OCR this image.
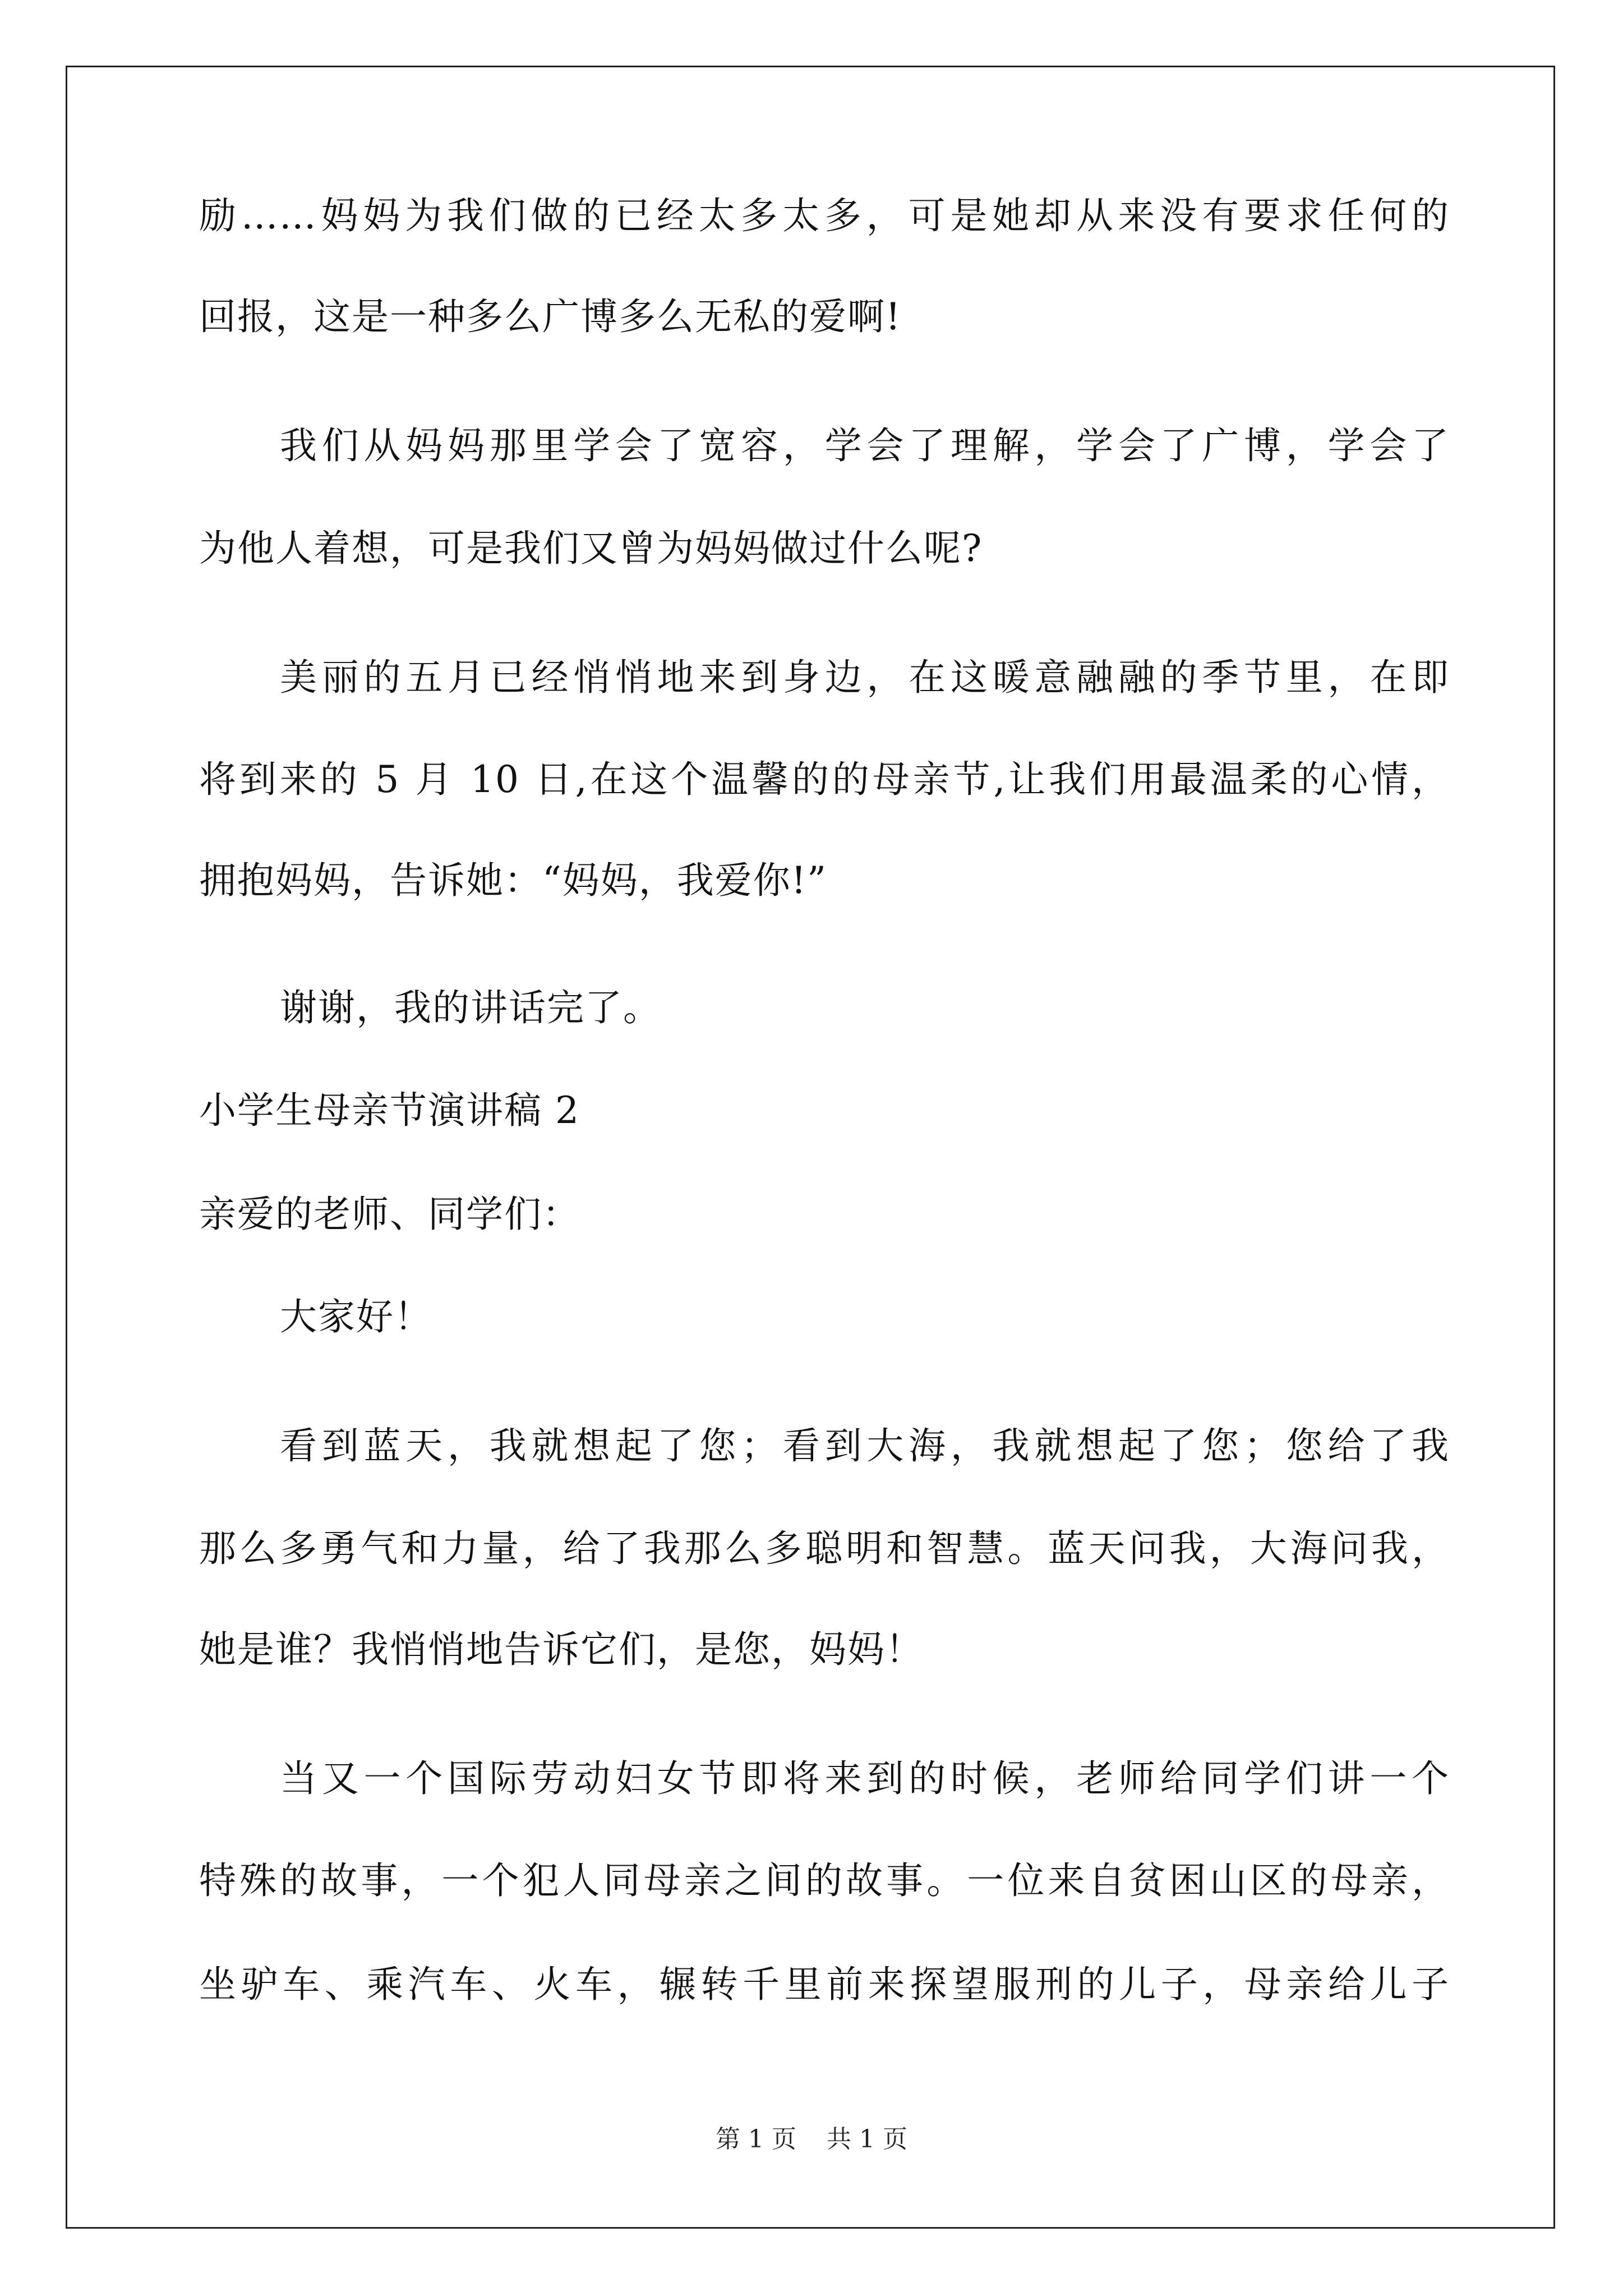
励……妈妈为我们做的已经太多太多，可是她却从来没有要求任何的
回报，这是一种多么广博多么无私的爱啊!
我们从妈妈那里学会了宽容，学会了理解，学会了广博，学会了
为他人着想，可是我们又曾为妈妈做过什么呢?
美丽的五月已经悄悄地来到身边，在这暖意融融的季节里，在即
将到来的 5 月 10 日,在这个温馨的的母亲节,让我们用最温柔的心情，
拥抱妈妈，告诉她：“妈妈，我爱你!”
谢谢，我的讲话完了。
小学生母亲节演讲稿 2
亲爱的老师、同学们：
大家好！
看到蓝天，我就想起了您；看到大海，我就想起了您；您给了我
那么多勇气和力量，给了我那么多聪明和智慧。蓝天问我，大海问我，
她是谁？我悄悄地告诉它们，是您，妈妈！
当又一个国际劳动妇女节即将来到的时候，老师给同学们讲一个
特殊的故事，一个犯人同母亲之间的故事。一位来自贫困山区的母亲，
坐驴车、乘汽车、火车，辗转千里前来探望服刑的儿子，母亲给儿子
第 1 页 共 1 页
